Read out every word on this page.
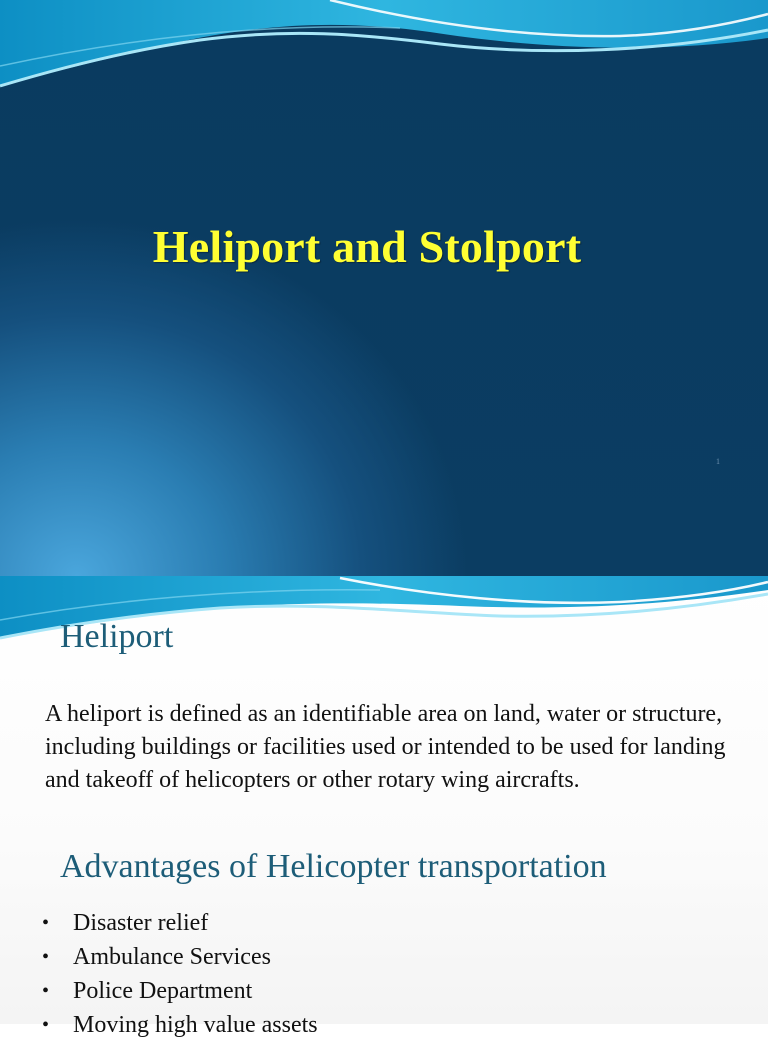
Heliport and Stolport
1
Heliport
A heliport is defined as an identifiable area on land, water or structure, including buildings or facilities used or intended to be used for landing and takeoff of helicopters or other rotary wing aircrafts.
Advantages of Helicopter transportation
• Disaster relief
• Ambulance Services
• Police Department
• Moving high value assets
